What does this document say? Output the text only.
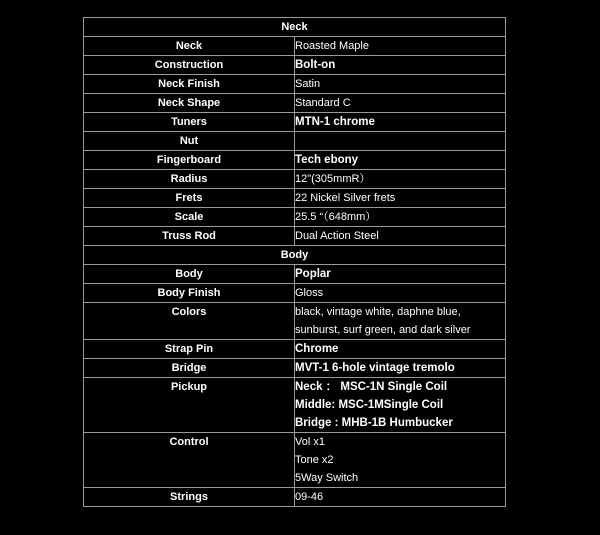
Neck	
Neck	Roasted Maple

Construction	Bolt-on

Neck Finish	Satin

Neck Shape	Standard C

Tuners	MTN-1 chrome

Nut	

Fingerboard	Tech ebony

Radius	12"(305mmR）

Frets	22 Nickel Silver frets

Scale	25.5 “（648mm）

Truss Rod	Dual Action Steel

Body	
Body	Poplar

Body Finish	Gloss

Colors	black, vintage white, daphne blue, sunburst, surf green, and dark silver

Strap Pin	Chrome

Bridge	MVT-1 6-hole vintage tremolo

Pickup	Neck ： MSC-1N Single Coil
Middle: MSC-1MSingle Coil
Bridge : MHB-1B Humbucker

Control	Vol x1
Tone x2
5Way Switch

Strings	09-46
